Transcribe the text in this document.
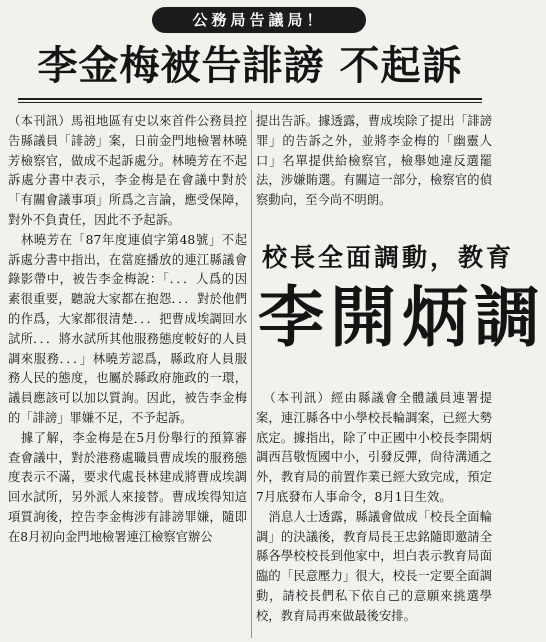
公務局告議局！
李金梅被告誹謗 不起訴
（本刊訊）馬祖地區有史以來首件公務員控告縣議員「誹謗」案，日前金門地檢署林曉芳檢察官，做成不起訴處分。林曉芳在不起訴處分書中表示，李金梅是在會議中對於「有關會議事項」所爲之言論，應受保障，對外不負責任，因此不予起訴。
　林曉芳在「87年度連偵字第48號」不起訴處分書中指出，在當庭播放的連江縣議會錄影帶中，被告李金梅說：「．．．人爲的因素很重要，聽說大家都在抱怨．．．對於他們的作爲，大家都很清楚．．．把曹成埃調回水試所．．．將水試所其他服務態度較好的人員調來服務．．．」林曉芳認爲，縣政府人員服務人民的態度，也屬於縣政府施政的一環，議員應該可以加以質詢。因此，被告李金梅的「誹謗」罪嫌不足，不予起訴。
　據了解，李金梅是在5月份舉行的預算審查會議中，對於港務處職員曹成埃的服務態度表示不滿，要求代處長林建成將曹成埃調回水試所，另外派人來接替。曹成埃得知這項質詢後，控告李金梅涉有誹謗罪嫌，隨即在8月初向金門地檢署連江檢察官辦公
提出告訴。據透露，曹成埃除了提出「誹謗罪」的告訴之外，並將李金梅的「幽靈人口」名單提供給檢察官，檢舉她違反選罷法，涉嫌賄選。有關這一部分，檢察官的偵察動向，至今尚不明朗。
校長全面調動，教育
李開炳調
　（本刊訊）經由縣議會全體議員連署提案，連江縣各中小學校長輪調案，已經大勢底定。據指出，除了中正國中小校長李開炳調西莒敬恆國中小，引發反彈，尙待溝通之外，教育局的前置作業已經大致完成，預定7月底發布人事命令，8月1日生效。
　消息人士透露，縣議會做成「校長全面輪調」的決議後，教育局長王忠銘隨即邀請全縣各學校校長到他家中，坦白表示教育局面臨的「民意壓力」很大，校長一定要全面調動，請校長們私下依自己的意願來挑選學校，教育局再來做最後安排。
